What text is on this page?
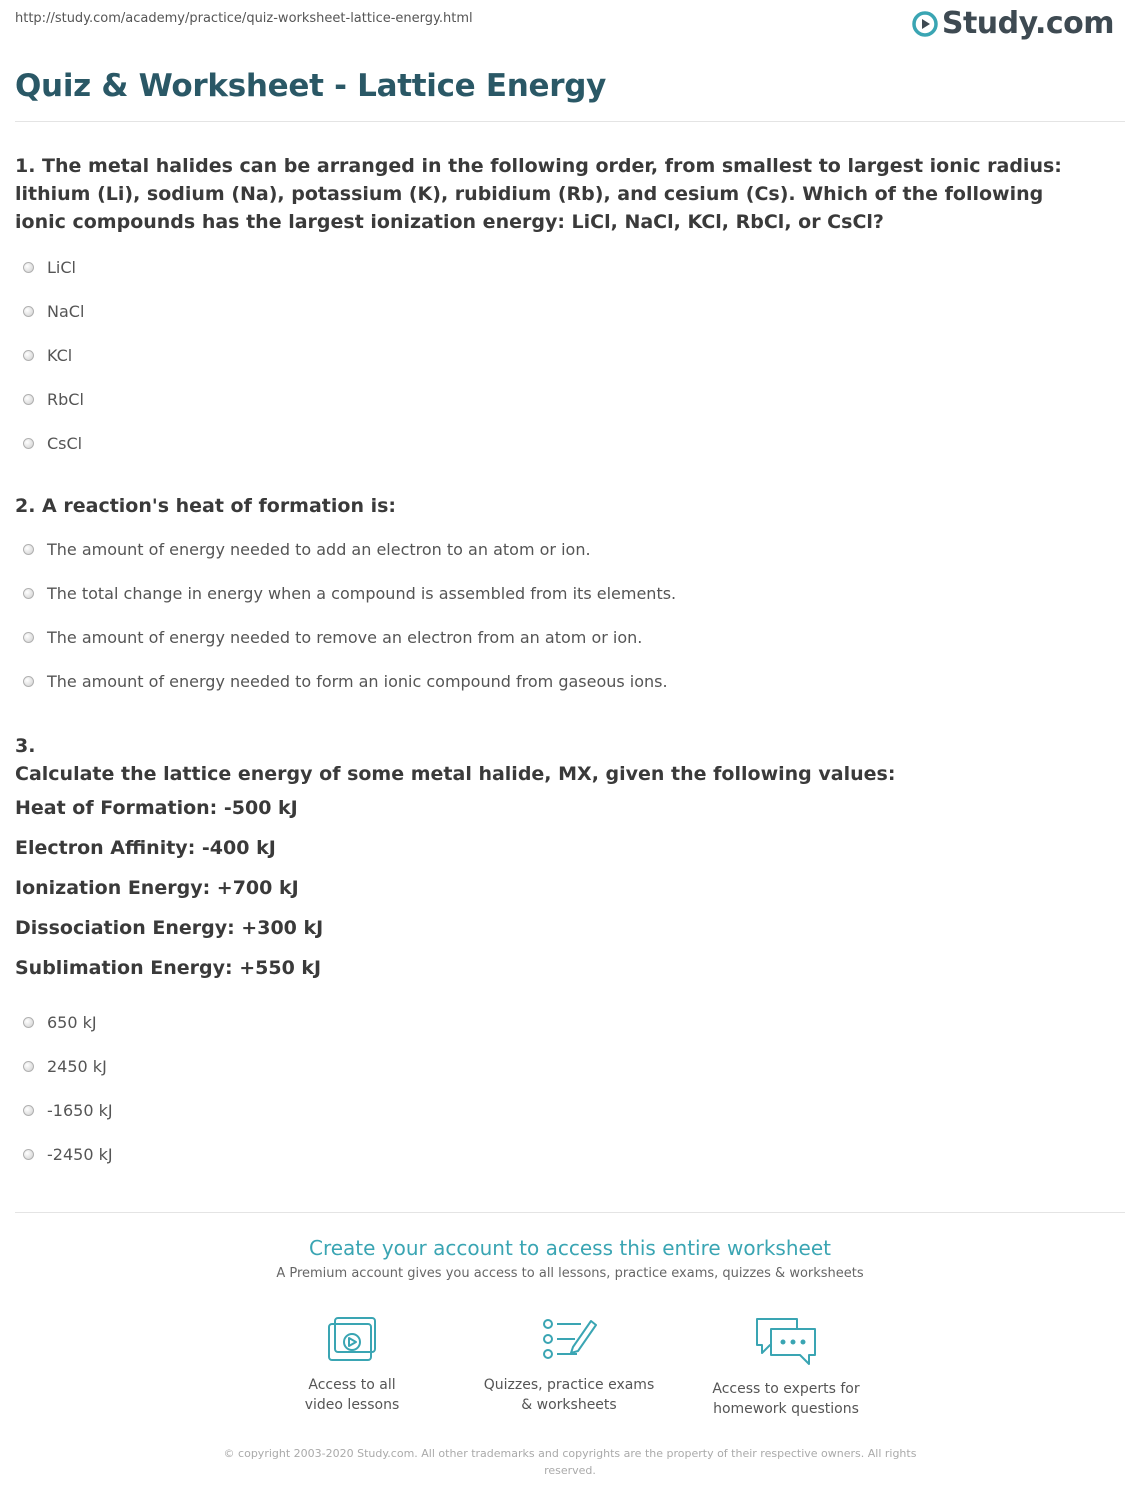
http://study.com/academy/practice/quiz-worksheet-lattice-energy.html	Study.com
Quiz & Worksheet - Lattice Energy

1. The metal halides can be arranged in the following order, from smallest to largest ionic radius: lithium (Li), sodium (Na), potassium (K), rubidium (Rb), and cesium (Cs). Which of the following ionic compounds has the largest ionization energy: LiCl, NaCl, KCl, RbCl, or CsCl?

LiCl
NaCl
KCl
RbCl
CsCl

2. A reaction's heat of formation is:

The amount of energy needed to add an electron to an atom or ion.
The total change in energy when a compound is assembled from its elements.
The amount of energy needed to remove an electron from an atom or ion.
The amount of energy needed to form an ionic compound from gaseous ions.

3.

Calculate the lattice energy of some metal halide, MX, given the following values:

Heat of Formation: -500 kJ
Electron Affinity: -400 kJ
Ionization Energy: +700 kJ
Dissociation Energy: +300 kJ
Sublimation Energy: +550 kJ
650 kJ
2450 kJ
-1650 kJ
-2450 kJ
Create your account to access this entire worksheet
A Premium account gives you access to all lessons, practice exams, quizzes & worksheets
Access to all
video lessons
Quizzes, practice exams
& worksheets
Access to experts for
homework questions
© copyright 2003-2020 Study.com. All other trademarks and copyrights are the property of their respective owners. All rights reserved.
